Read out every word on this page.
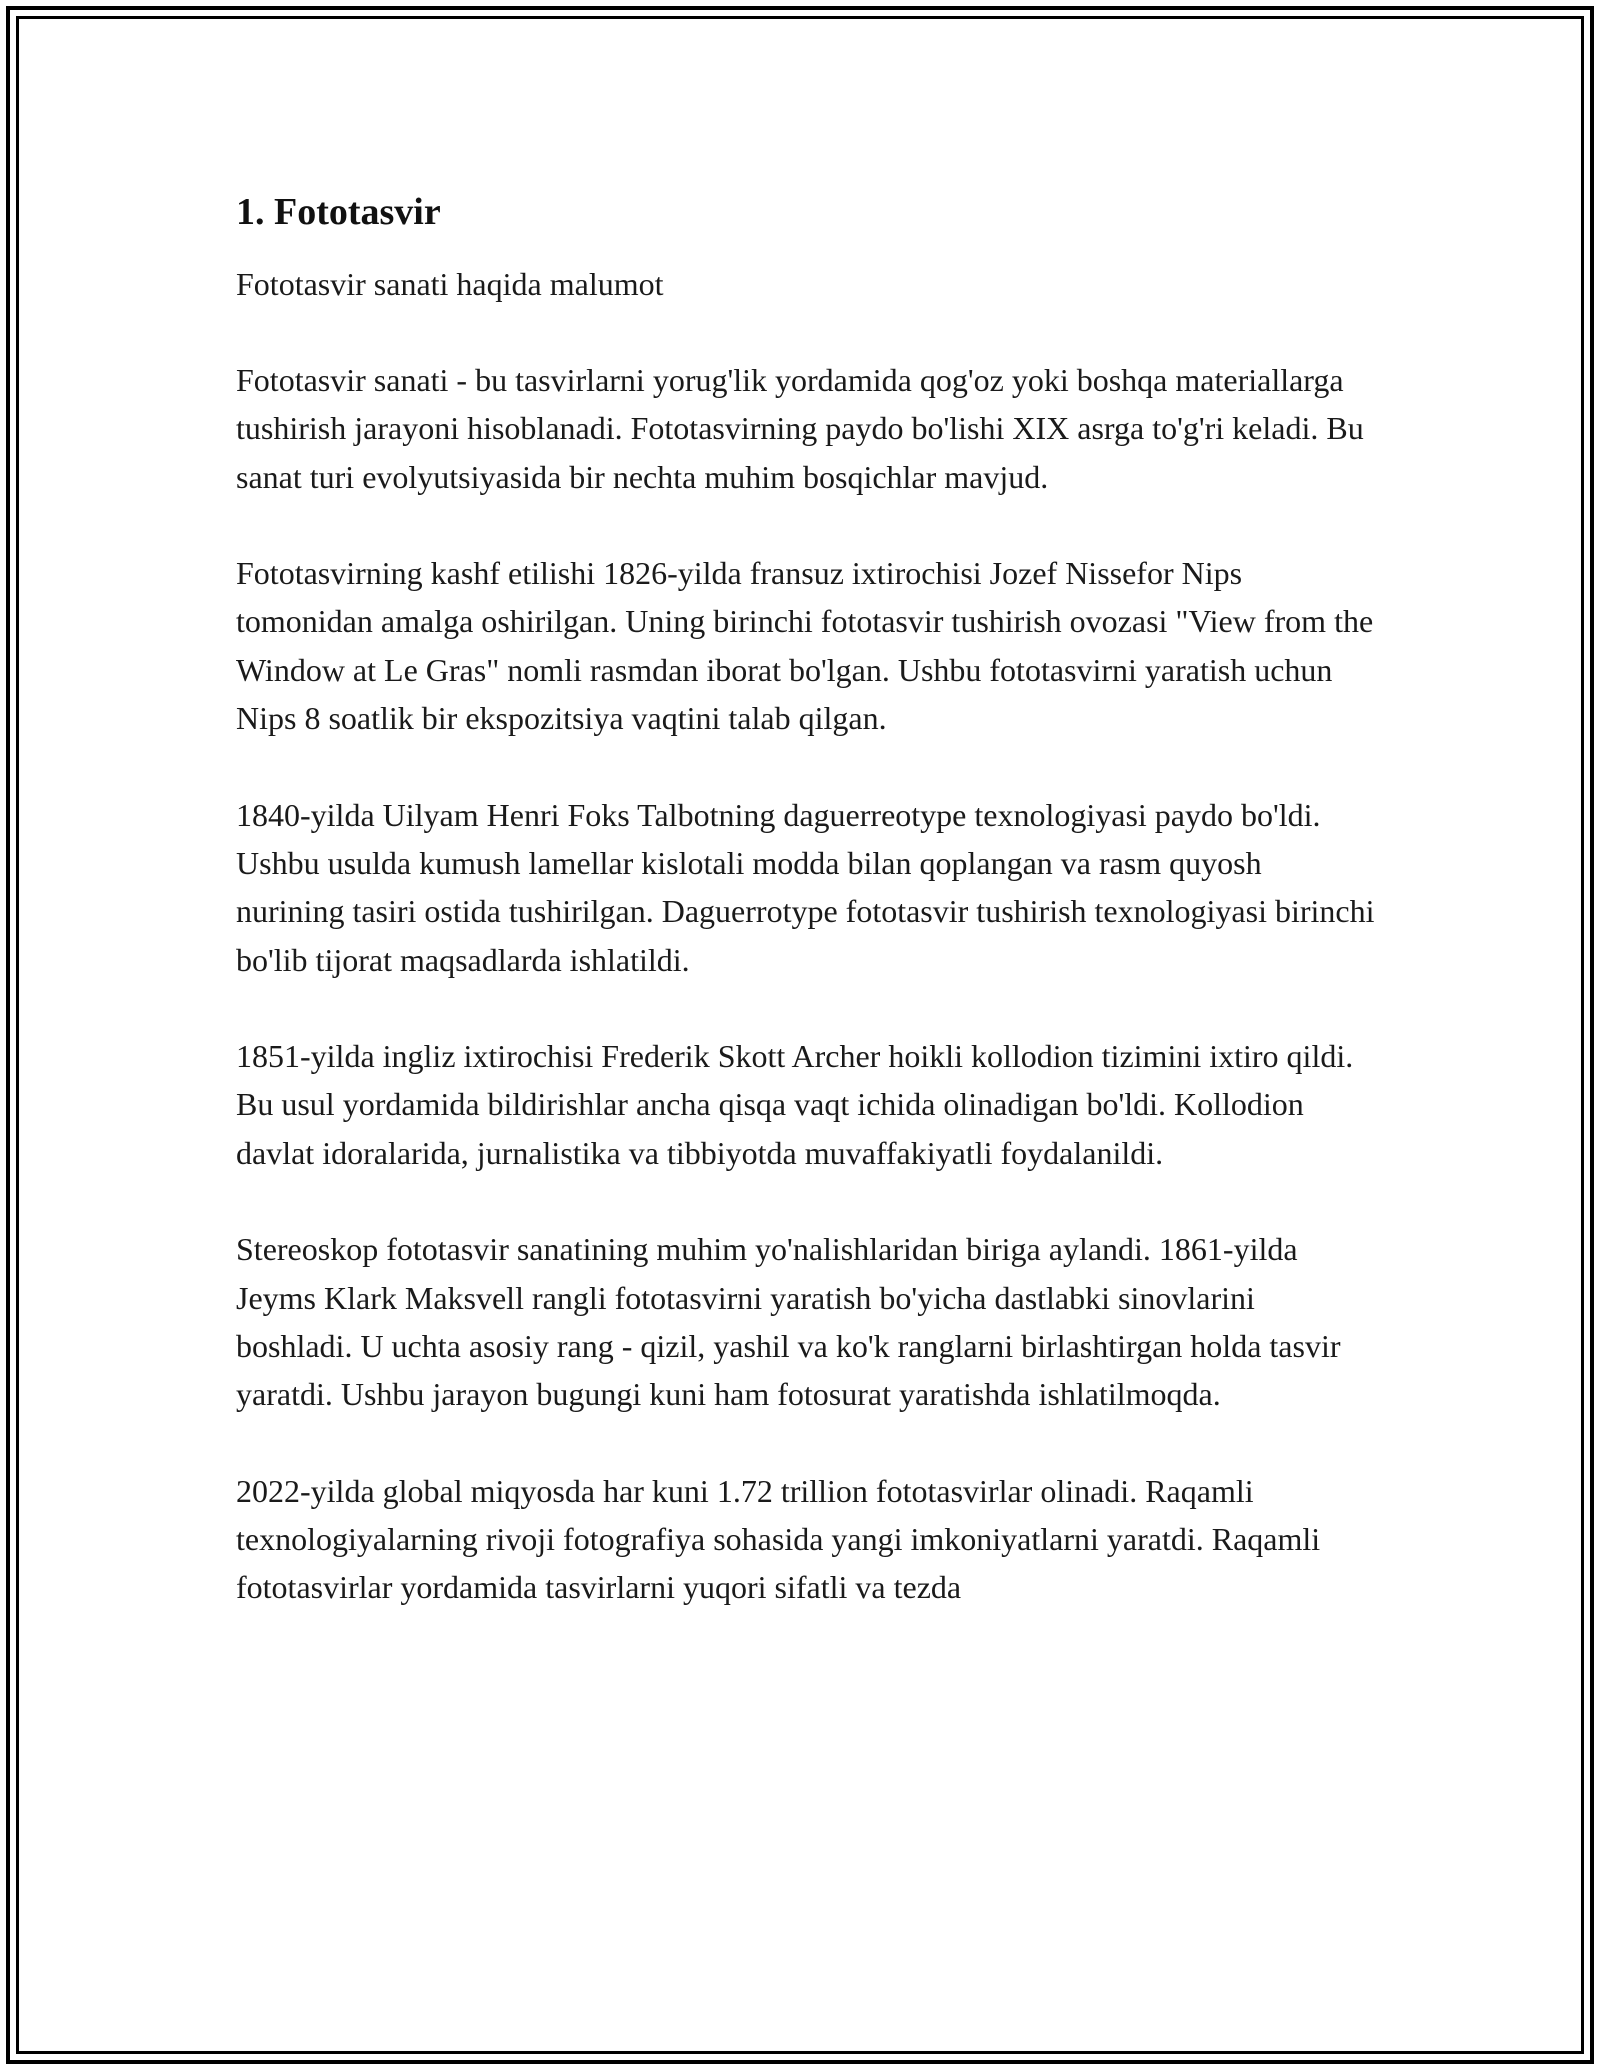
1. Fototasvir

Fototasvir sanati haqida malumot

Fototasvir sanati - bu tasvirlarni yorug'lik yordamida qog'oz yoki boshqa materiallarga tushirish jarayoni hisoblanadi. Fototasvirning paydo bo'lishi XIX asrga to'g'ri keladi. Bu sanat turi evolyutsiyasida bir nechta muhim bosqichlar mavjud.

Fototasvirning kashf etilishi 1826-yilda fransuz ixtirochisi Jozef Nissefor Nips tomonidan amalga oshirilgan. Uning birinchi fototasvir tushirish ovozasi "View from the Window at Le Gras" nomli rasmdan iborat bo'lgan. Ushbu fototasvirni yaratish uchun Nips 8 soatlik bir ekspozitsiya vaqtini talab qilgan.

1840-yilda Uilyam Henri Foks Talbotning daguerreotype texnologiyasi paydo bo'ldi. Ushbu usulda kumush lamellar kislotali modda bilan qoplangan va rasm quyosh nurining tasiri ostida tushirilgan. Daguerrotype fototasvir tushirish texnologiyasi birinchi bo'lib tijorat maqsadlarda ishlatildi.

1851-yilda ingliz ixtirochisi Frederik Skott Archer hoikli kollodion tizimini ixtiro qildi. Bu usul yordamida bildirishlar ancha qisqa vaqt ichida olinadigan bo'ldi. Kollodion davlat idoralarida, jurnalistika va tibbiyotda muvaffakiyatli foydalanildi.

Stereoskop fototasvir sanatining muhim yo'nalishlaridan biriga aylandi. 1861-yilda Jeyms Klark Maksvell rangli fototasvirni yaratish bo'yicha dastlabki sinovlarini boshladi. U uchta asosiy rang - qizil, yashil va ko'k ranglarni birlashtirgan holda tasvir yaratdi. Ushbu jarayon bugungi kuni ham fotosurat yaratishda ishlatilmoqda.

2022-yilda global miqyosda har kuni 1.72 trillion fototasvirlar olinadi. Raqamli texnologiyalarning rivoji fotografiya sohasida yangi imkoniyatlarni yaratdi. Raqamli fototasvirlar yordamida tasvirlarni yuqori sifatli va tezda
